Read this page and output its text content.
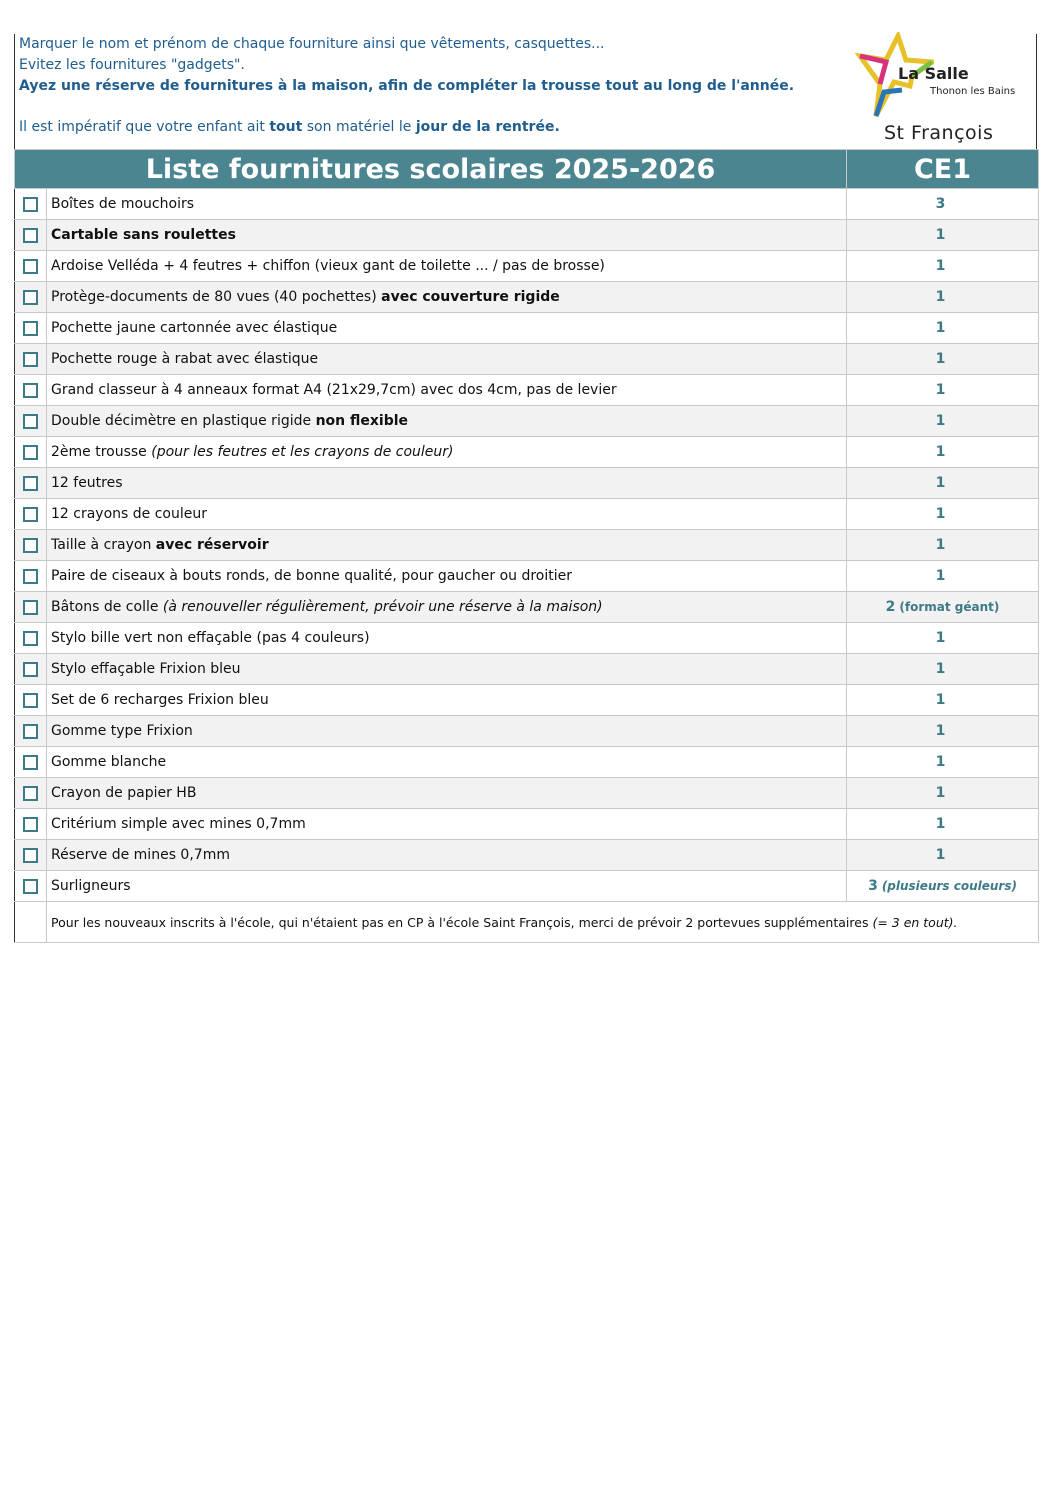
Marquer le nom et prénom de chaque fourniture ainsi que vêtements, casquettes...

Evitez les fournitures "gadgets".

Ayez une réserve de fournitures à la maison, afin de compléter la trousse tout au long de l'année.

Il est impératif que votre enfant ait tout son matériel le jour de la rentrée.

La Salle
Thonon les Bains
St François
Liste fournitures scolaires 2025-2026		CE1
	Boîtes de mouchoirs	3
	Cartable sans roulettes	1
	Ardoise Velléda + 4 feutres + chiffon (vieux gant de toilette ... / pas de brosse)	1
	Protège-documents de 80 vues (40 pochettes) avec couverture rigide	1
	Pochette jaune cartonnée avec élastique	1
	Pochette rouge à rabat avec élastique	1
	Grand classeur à 4 anneaux format A4 (21x29,7cm) avec dos 4cm, pas de levier	1
	Double décimètre en plastique rigide non flexible	1
	2ème trousse (pour les feutres et les crayons de couleur)	1
	12 feutres	1
	12 crayons de couleur	1
	Taille à crayon avec réservoir	1
	Paire de ciseaux à bouts ronds, de bonne qualité, pour gaucher ou droitier	1
	Bâtons de colle (à renouveller régulièrement, prévoir une réserve à la maison)	2 (format géant)
	Stylo bille vert non effaçable (pas 4 couleurs)	1
	Stylo effaçable Frixion bleu	1
	Set de 6 recharges Frixion bleu	1
	Gomme type Frixion	1
	Gomme blanche	1
	Crayon de papier HB	1
	Critérium simple avec mines 0,7mm	1
	Réserve de mines 0,7mm	1
	Surligneurs	3 (plusieurs couleurs)
	Pour les nouveaux inscrits à l'école, qui n'étaient pas en CP à l'école Saint François, merci de prévoir 2 portevues supplémentaires (= 3 en tout).	
